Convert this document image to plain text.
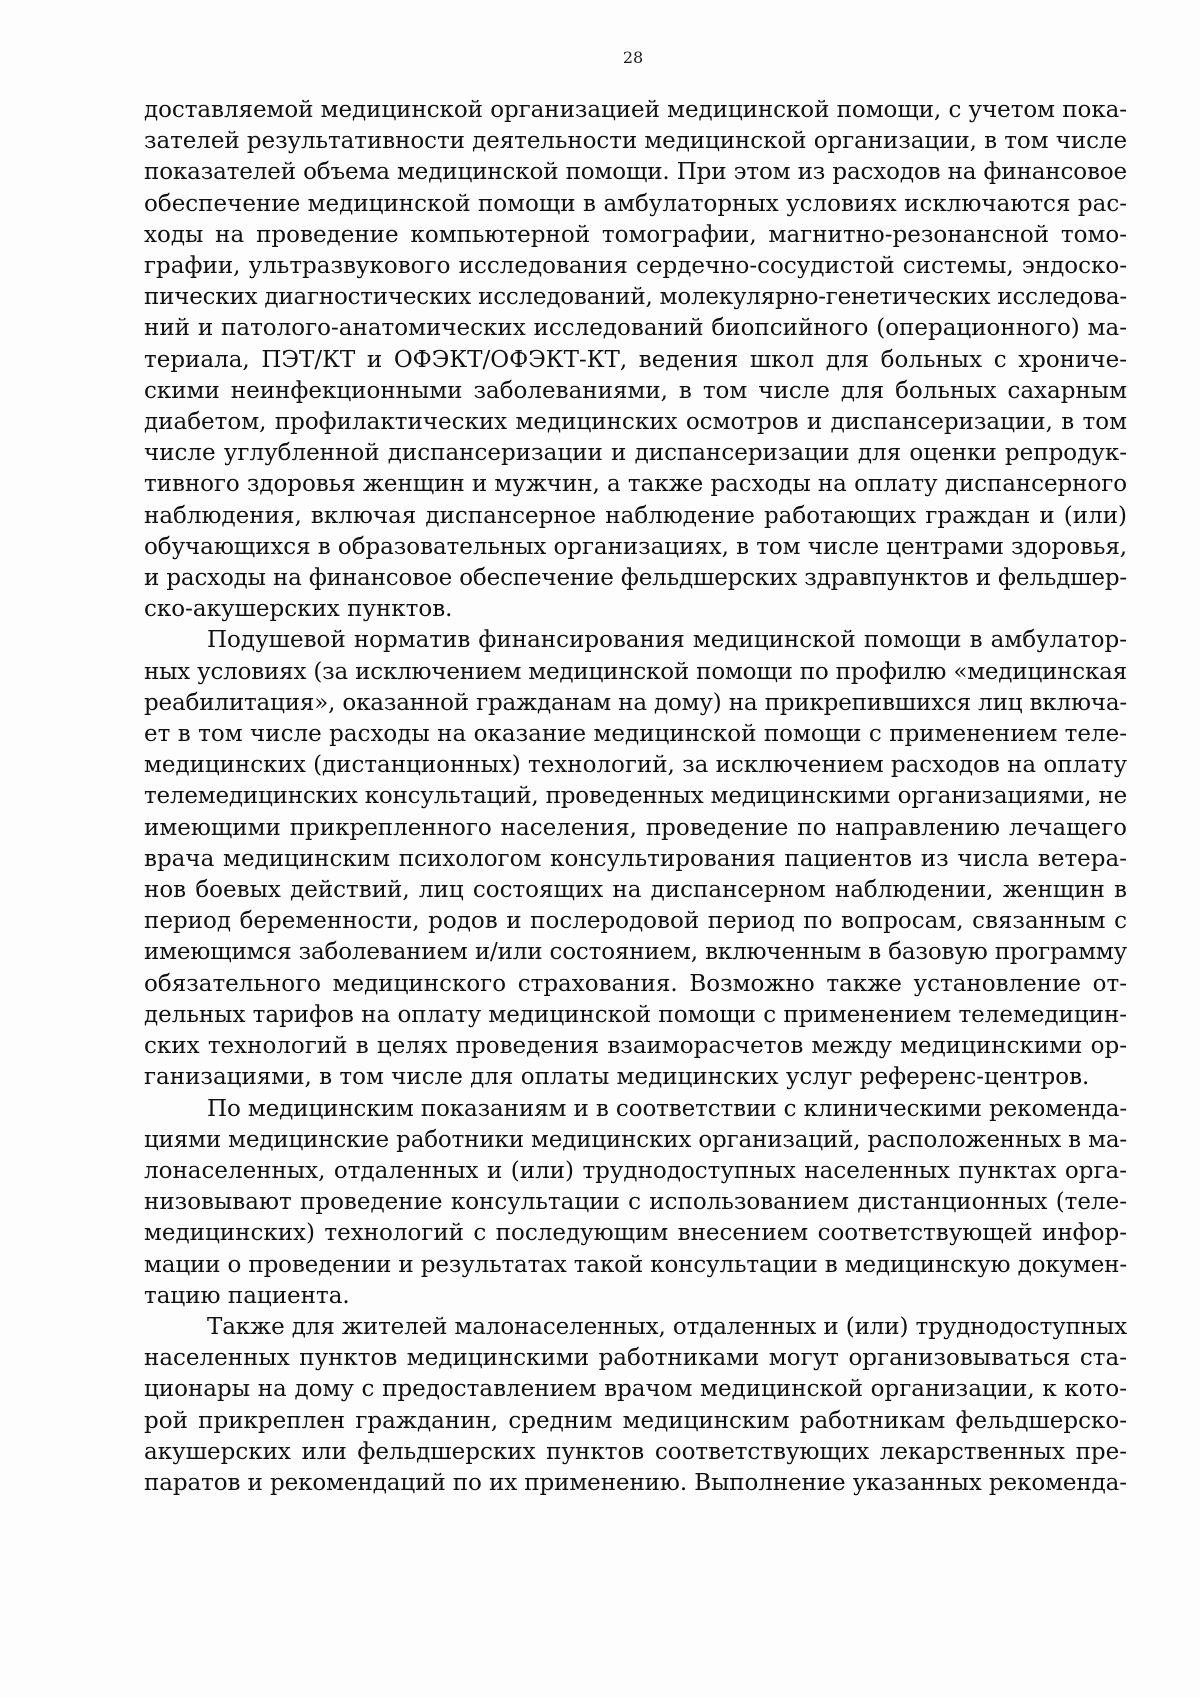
28
доставляемой медицинской организацией медицинской помощи, с учетом пока-
зателей результативности деятельности медицинской организации, в том числе
показателей объема медицинской помощи. При этом из расходов на финансовое
обеспечение медицинской помощи в амбулаторных условиях исключаются рас-
ходы на проведение компьютерной томографии, магнитно-резонансной томо-
графии, ультразвукового исследования сердечно-сосудистой системы, эндоско-
пических диагностических исследований, молекулярно-генетических исследова-
ний и патолого-анатомических исследований биопсийного (операционного) ма-
териала, ПЭТ/КТ и ОФЭКТ/ОФЭКТ-КТ, ведения школ для больных с хрониче-
скими неинфекционными заболеваниями, в том числе для больных сахарным
диабетом, профилактических медицинских осмотров и диспансеризации, в том
числе углубленной диспансеризации и диспансеризации для оценки репродук-
тивного здоровья женщин и мужчин, а также расходы на оплату диспансерного
наблюдения, включая диспансерное наблюдение работающих граждан и (или)
обучающихся в образовательных организациях, в том числе центрами здоровья,
и расходы на финансовое обеспечение фельдшерских здравпунктов и фельдшер-
ско-акушерских пунктов.
Подушевой норматив финансирования медицинской помощи в амбулатор-
ных условиях (за исключением медицинской помощи по профилю «медицинская
реабилитация», оказанной гражданам на дому) на прикрепившихся лиц включа-
ет в том числе расходы на оказание медицинской помощи с применением теле-
медицинских (дистанционных) технологий, за исключением расходов на оплату
телемедицинских консультаций, проведенных медицинскими организациями, не
имеющими прикрепленного населения, проведение по направлению лечащего
врача медицинским психологом консультирования пациентов из числа ветера-
нов боевых действий, лиц состоящих на диспансерном наблюдении, женщин в
период беременности, родов и послеродовой период по вопросам, связанным с
имеющимся заболеванием и/или состоянием, включенным в базовую программу
обязательного медицинского страхования. Возможно также установление от-
дельных тарифов на оплату медицинской помощи с применением телемедицин-
ских технологий в целях проведения взаиморасчетов между медицинскими ор-
ганизациями, в том числе для оплаты медицинских услуг референс-центров.
По медицинским показаниям и в соответствии с клиническими рекоменда-
циями медицинские работники медицинских организаций, расположенных в ма-
лонаселенных, отдаленных и (или) труднодоступных населенных пунктах орга-
низовывают проведение консультации с использованием дистанционных (теле-
медицинских) технологий с последующим внесением соответствующей инфор-
мации о проведении и результатах такой консультации в медицинскую докумен-
тацию пациента.
Также для жителей малонаселенных, отдаленных и (или) труднодоступных
населенных пунктов медицинскими работниками могут организовываться ста-
ционары на дому с предоставлением врачом медицинской организации, к кото-
рой прикреплен гражданин, средним медицинским работникам фельдшерско-
акушерских или фельдшерских пунктов соответствующих лекарственных пре-
паратов и рекомендаций по их применению. Выполнение указанных рекоменда-
